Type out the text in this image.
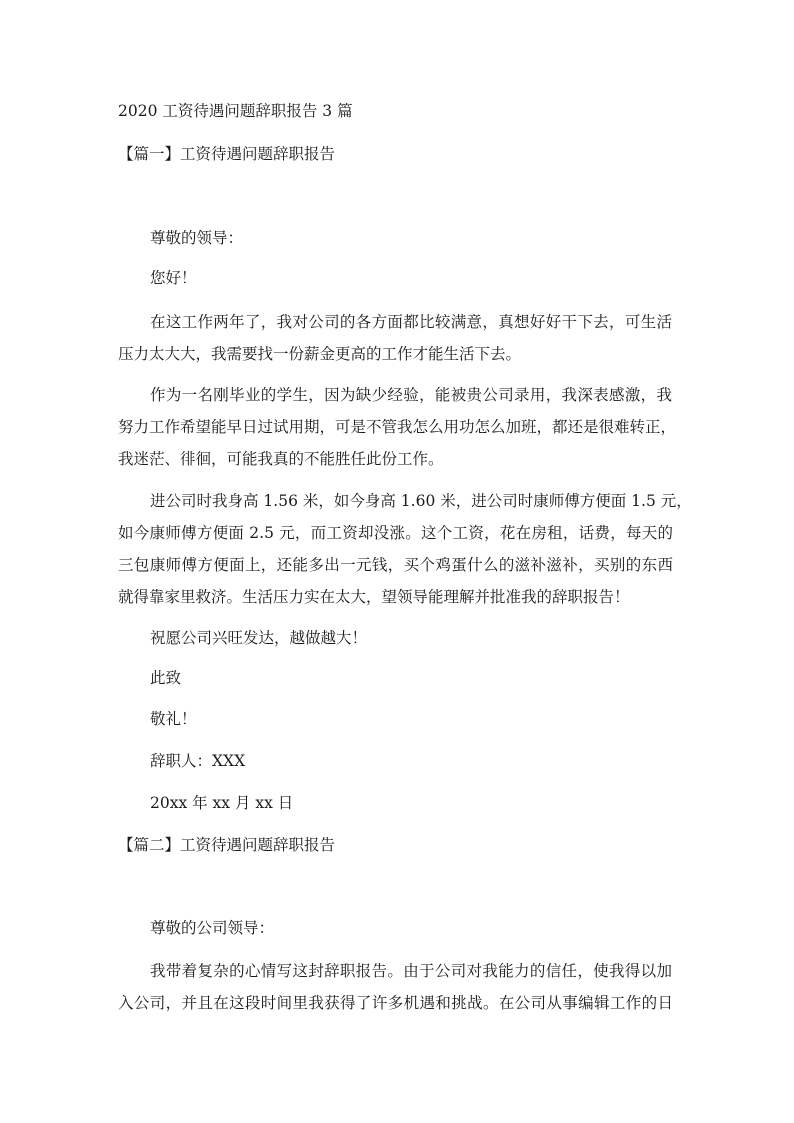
2020 工资待遇问题辞职报告 3 篇
【篇一】工资待遇问题辞职报告
尊敬的领导：
您好！
在这工作两年了，我对公司的各方面都比较满意，真想好好干下去，可生活
压力太大大，我需要找一份薪金更高的工作才能生活下去。
作为一名刚毕业的学生，因为缺少经验，能被贵公司录用，我深表感激，我
努力工作希望能早日过试用期，可是不管我怎么用功怎么加班，都还是很难转正，
我迷茫、徘徊，可能我真的不能胜任此份工作。
进公司时我身高 1.56 米，如今身高 1.60 米，进公司时康师傅方便面 1.5 元，
如今康师傅方便面 2.5 元，而工资却没涨。这个工资，花在房租，话费，每天的
三包康师傅方便面上，还能多出一元钱，买个鸡蛋什么的滋补滋补，买别的东西
就得靠家里救济。生活压力实在太大，望领导能理解并批准我的辞职报告！
祝愿公司兴旺发达，越做越大！
此致
敬礼！
辞职人：XXX
20xx 年 xx 月 xx 日
【篇二】工资待遇问题辞职报告
尊敬的公司领导：
我带着复杂的心情写这封辞职报告。由于公司对我能力的信任，使我得以加
入公司，并且在这段时间里我获得了许多机遇和挑战。在公司从事编辑工作的日
